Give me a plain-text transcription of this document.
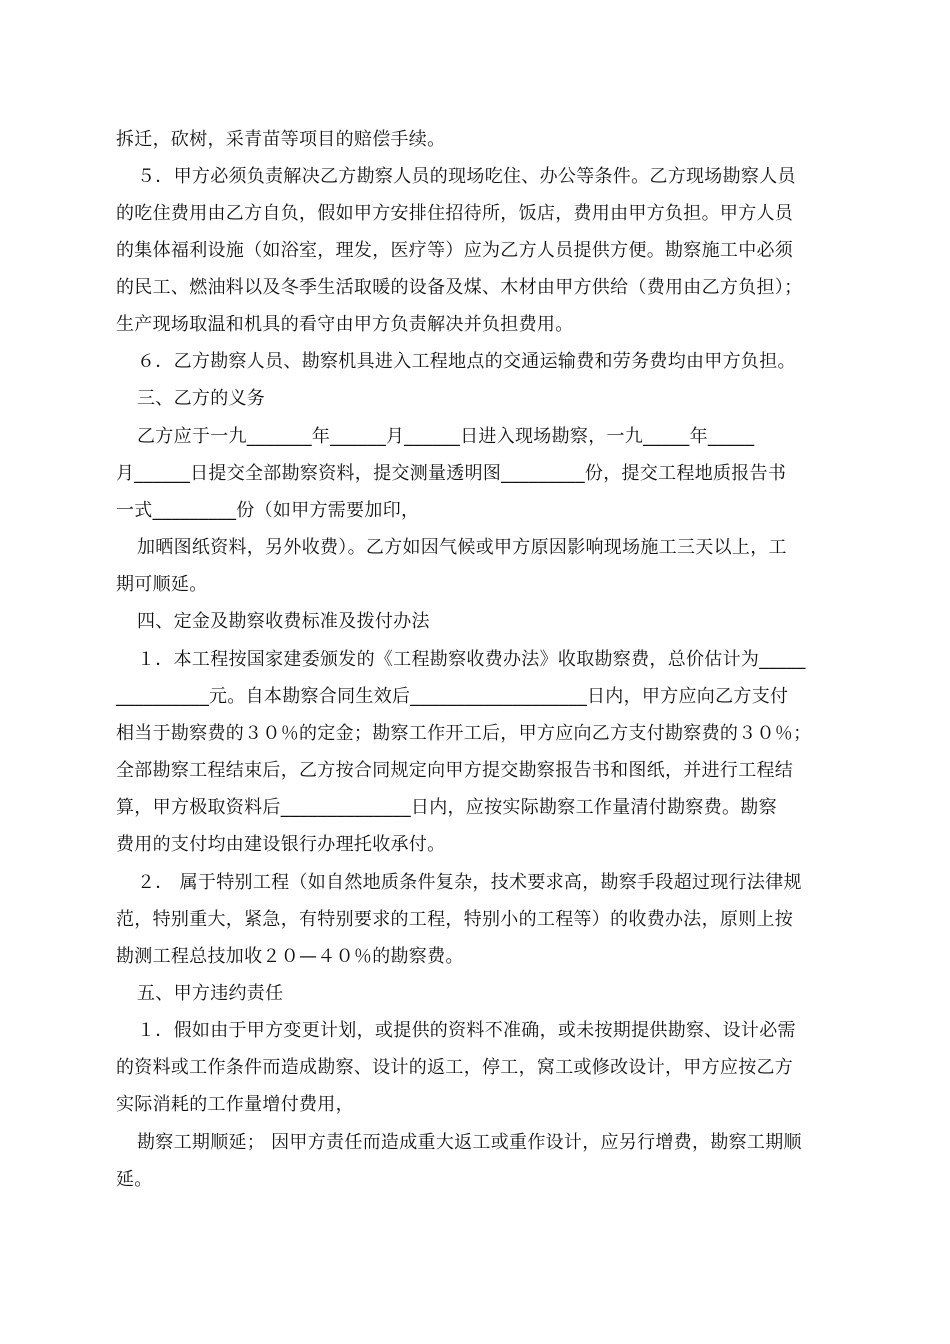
拆迁，砍树，采青苗等项目的赔偿手续。
５．甲方必须负责解决乙方勘察人员的现场吃住、办公等条件。乙方现场勘察人员
的吃住费用由乙方自负，假如甲方安排住招待所，饭店，费用由甲方负担。甲方人员
的集体福利设施（如浴室，理发，医疗等）应为乙方人员提供方便。勘察施工中必须
的民工、燃油料以及冬季生活取暖的设备及煤、木材由甲方供给（费用由乙方负担）；
生产现场取温和机具的看守由甲方负责解决并负担费用。
６．乙方勘察人员、勘察机具进入工程地点的交通运输费和劳务费均由甲方负担。
三、乙方的义务
乙方应于一九_______年______月______日进入现场勘察，一九_____年_____
月______日提交全部勘察资料，提交测量透明图_________份，提交工程地质报告书
一式_________份（如甲方需要加印，
加晒图纸资料，另外收费）。乙方如因气候或甲方原因影响现场施工三天以上，工
期可顺延。
四、定金及勘察收费标准及拨付办法
１．本工程按国家建委颁发的《工程勘察收费办法》收取勘察费，总价估计为_____
__________元。自本勘察合同生效后___________________日内，甲方应向乙方支付
相当于勘察费的３０％的定金；勘察工作开工后，甲方应向乙方支付勘察费的３０％；
全部勘察工程结束后，乙方按合同规定向甲方提交勘察报告书和图纸，并进行工程结
算，甲方极取资料后______________日内，应按实际勘察工作量清付勘察费。勘察
费用的支付均由建设银行办理托收承付。
２． 属于特别工程（如自然地质条件复杂，技术要求高，勘察手段超过现行法律规
范，特别重大，紧急，有特别要求的工程，特别小的工程等）的收费办法，原则上按
勘测工程总技加收２０—４０％的勘察费。
五、甲方违约责任
１．假如由于甲方变更计划，或提供的资料不准确，或未按期提供勘察、设计必需
的资料或工作条件而造成勘察、设计的返工，停工，窝工或修改设计，甲方应按乙方
实际消耗的工作量增付费用，
勘察工期顺延； 因甲方责任而造成重大返工或重作设计，应另行增费，勘察工期顺
延。
